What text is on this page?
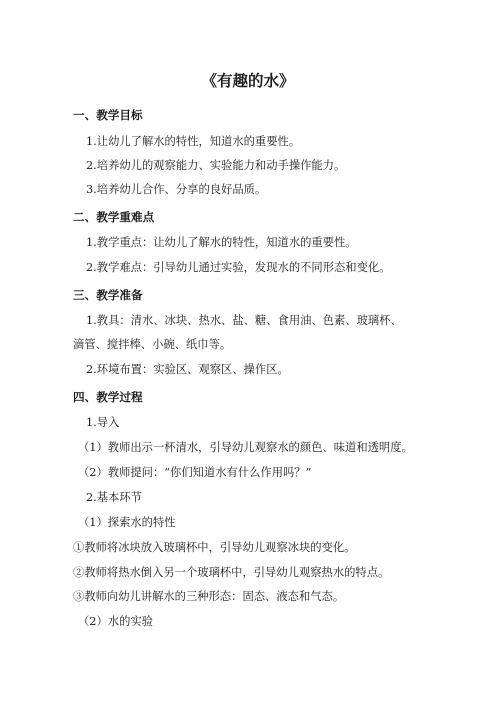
《有趣的水》
一、教学目标
1.让幼儿了解水的特性，知道水的重要性。
2.培养幼儿的观察能力、实验能力和动手操作能力。
3.培养幼儿合作、分享的良好品质。
二、教学重难点
1.教学重点：让幼儿了解水的特性，知道水的重要性。
2.教学难点：引导幼儿通过实验，发现水的不同形态和变化。
三、教学准备
1.教具：清水、冰块、热水、盐、糖、食用油、色素、玻璃杯、
滴管、搅拌棒、小碗、纸巾等。
2.环境布置：实验区、观察区、操作区。
四、教学过程
1.导入
（1）教师出示一杯清水，引导幼儿观察水的颜色、味道和透明度。
（2）教师提问：“你们知道水有什么作用吗？”
2.基本环节
（1）探索水的特性
①教师将冰块放入玻璃杯中，引导幼儿观察冰块的变化。
②教师将热水倒入另一个玻璃杯中，引导幼儿观察热水的特点。
③教师向幼儿讲解水的三种形态：固态、液态和气态。
（2）水的实验
